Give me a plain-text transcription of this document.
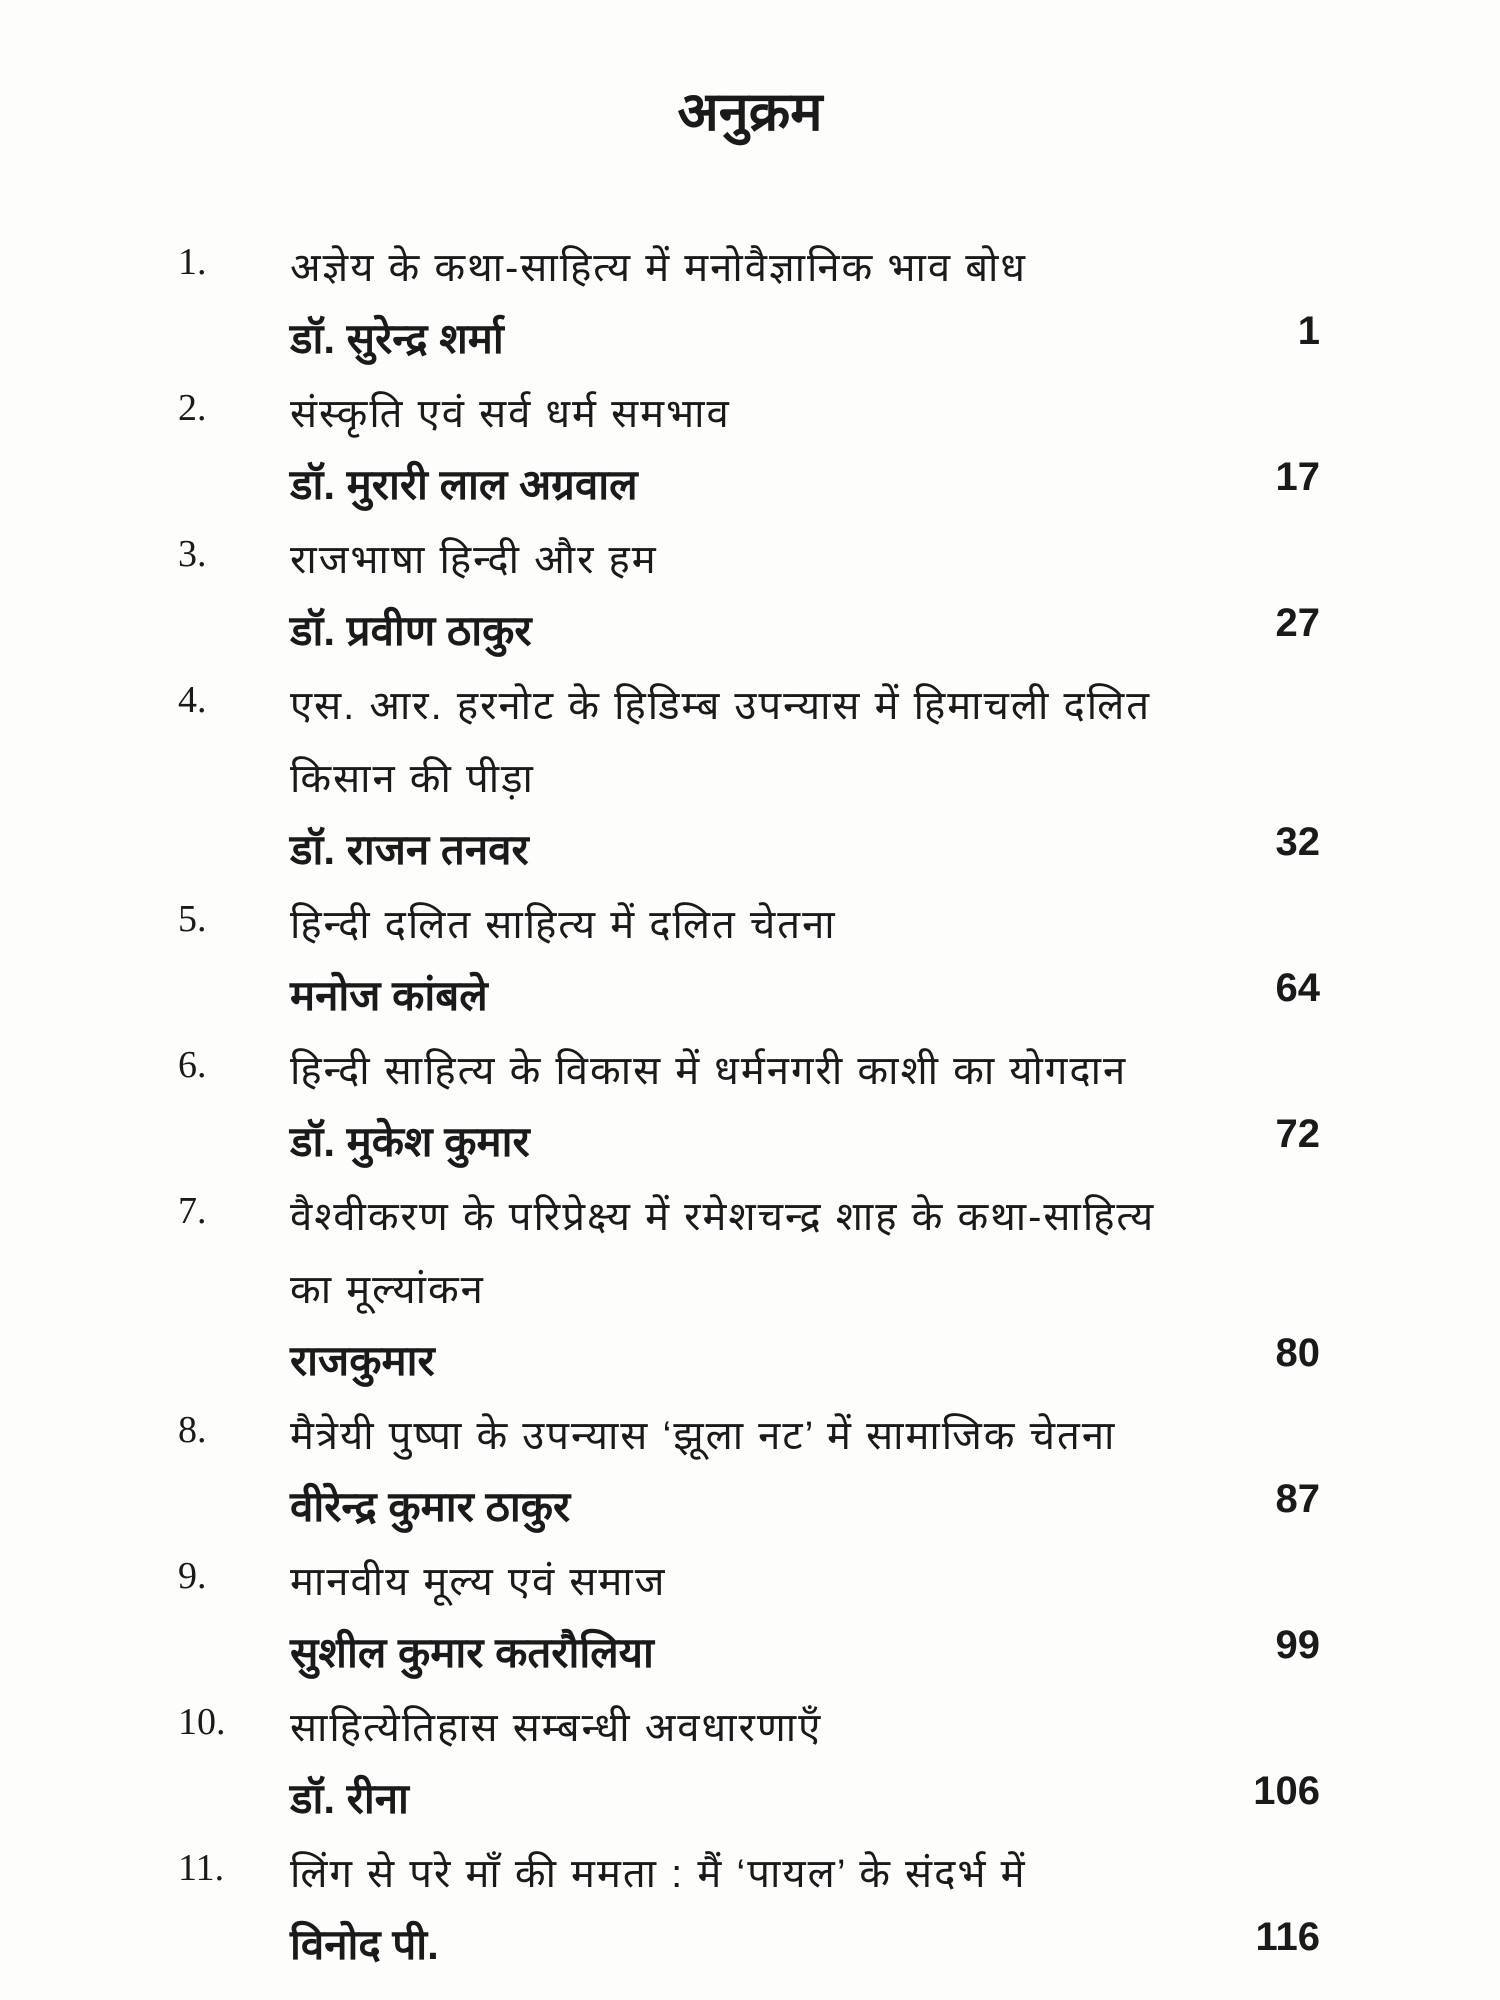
अनुक्रम
1. अज्ञेय के कथा-साहित्य में मनोवैज्ञानिक भाव बोध
डॉ. सुरेन्द्र शर्मा	1
2. संस्कृति एवं सर्व धर्म समभाव
डॉ. मुरारी लाल अग्रवाल	17
3. राजभाषा हिन्दी और हम
डॉ. प्रवीण ठाकुर	27
4. एस. आर. हरनोट के हिडिम्ब उपन्यास में हिमाचली दलित
किसान की पीड़ा
डॉ. राजन तनवर	32
5. हिन्दी दलित साहित्य में दलित चेतना
मनोज कांबले	64
6. हिन्दी साहित्य के विकास में धर्मनगरी काशी का योगदान
डॉ. मुकेश कुमार	72
7. वैश्वीकरण के परिप्रेक्ष्य में रमेशचन्द्र शाह के कथा-साहित्य
का मूल्यांकन
राजकुमार	80
8. मैत्रेयी पुष्पा के उपन्यास ‘झूला नट’ में सामाजिक चेतना
वीरेन्द्र कुमार ठाकुर	87
9. मानवीय मूल्य एवं समाज
सुशील कुमार कतरौलिया	99
10. साहित्येतिहास सम्बन्धी अवधारणाएँ
डॉ. रीना	106
11. लिंग से परे माँ की ममता : मैं ‘पायल’ के संदर्भ में
विनोद पी.	116
